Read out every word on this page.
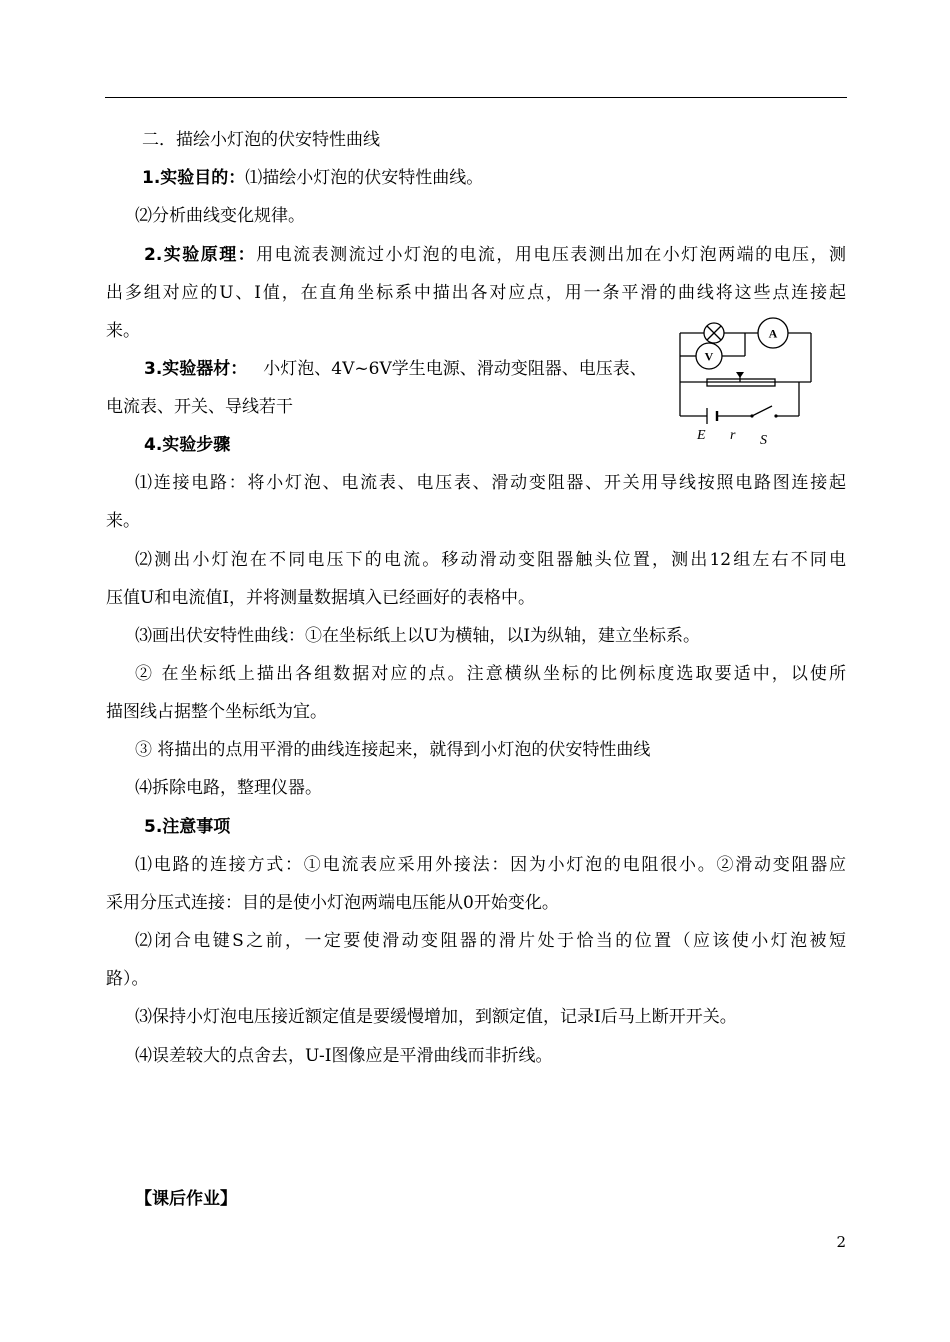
二．描绘小灯泡的伏安特性曲线
1.实验目的：⑴描绘小灯泡的伏安特性曲线。
⑵分析曲线变化规律。
2.实验原理：用电流表测流过小灯泡的电流，用电压表测出加在小灯泡两端的电压，测
出多组对应的U、I值，在直角坐标系中描出各对应点，用一条平滑的曲线将这些点连接起
来。
3.实验器材： 小灯泡、4V~6V学生电源、滑动变阻器、电压表、
电流表、开关、导线若干
A
V
E r S
4.实验步骤
⑴连接电路：将小灯泡、电流表、电压表、滑动变阻器、开关用导线按照电路图连接起
来。
⑵测出小灯泡在不同电压下的电流。移动滑动变阻器触头位置，测出12组左右不同电
压值U和电流值I，并将测量数据填入已经画好的表格中。
⑶画出伏安特性曲线：①在坐标纸上以U为横轴，以I为纵轴，建立坐标系。
② 在坐标纸上描出各组数据对应的点。注意横纵坐标的比例标度选取要适中，以使所
描图线占据整个坐标纸为宜。
③ 将描出的点用平滑的曲线连接起来，就得到小灯泡的伏安特性曲线
⑷拆除电路，整理仪器。
5.注意事项
⑴电路的连接方式：①电流表应采用外接法：因为小灯泡的电阻很小。②滑动变阻器应
采用分压式连接：目的是使小灯泡两端电压能从0开始变化。
⑵闭合电键S之前，一定要使滑动变阻器的滑片处于恰当的位置（应该使小灯泡被短
路）。
⑶保持小灯泡电压接近额定值是要缓慢增加，到额定值，记录I后马上断开开关。
⑷误差较大的点舍去，U-I图像应是平滑曲线而非折线。
【课后作业】
2
